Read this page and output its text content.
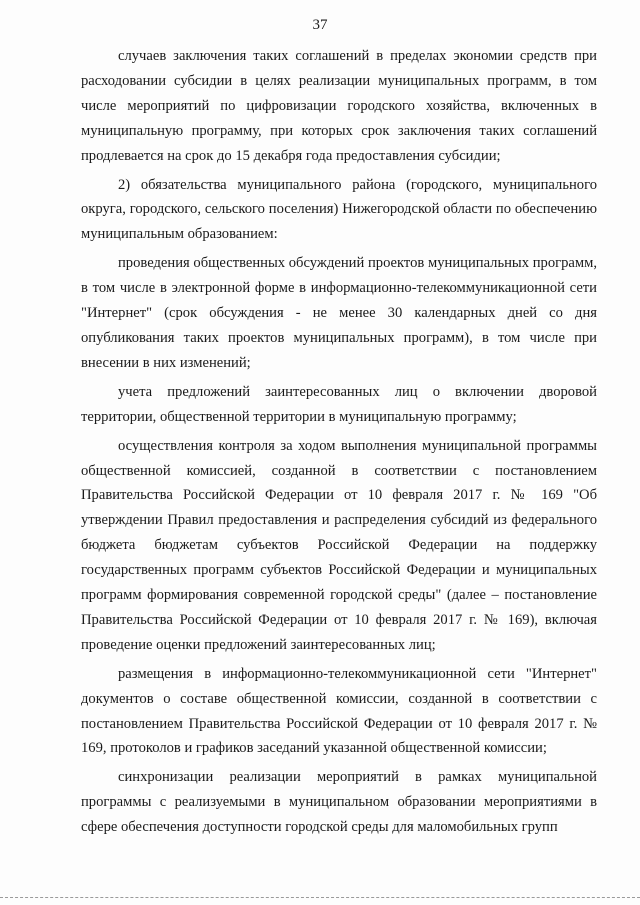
37

случаев заключения таких соглашений в пределах экономии средств при расходовании субсидии в целях реализации муниципальных программ, в том числе мероприятий по цифровизации городского хозяйства, включенных в муниципальную программу, при которых срок заключения таких соглашений продлевается на срок до 15 декабря года предоставления субсидии;

2) обязательства муниципального района (городского, муниципального округа, городского, сельского поселения) Нижегородской области по обеспечению муниципальным образованием:

проведения общественных обсуждений проектов муниципальных программ, в том числе в электронной форме в информационно-телекоммуникационной сети "Интернет" (срок обсуждения - не менее 30 календарных дней со дня опубликования таких проектов муниципальных программ), в том числе при внесении в них изменений;

учета предложений заинтересованных лиц о включении дворовой территории, общественной территории в муниципальную программу;

осуществления контроля за ходом выполнения муниципальной программы общественной комиссией, созданной в соответствии с постановлением Правительства Российской Федерации от 10 февраля 2017 г. № 169 "Об утверждении Правил предоставления и распределения субсидий из федерального бюджета бюджетам субъектов Российской Федерации на поддержку государственных программ субъектов Российской Федерации и муниципальных программ формирования современной городской среды" (далее – постановление Правительства Российской Федерации от 10 февраля 2017 г. № 169), включая проведение оценки предложений заинтересованных лиц;

размещения в информационно-телекоммуникационной сети "Интернет" документов о составе общественной комиссии, созданной в соответствии с постановлением Правительства Российской Федерации от 10 февраля 2017 г. № 169, протоколов и графиков заседаний указанной общественной комиссии;

синхронизации реализации мероприятий в рамках муниципальной программы с реализуемыми в муниципальном образовании мероприятиями в сфере обеспечения доступности городской среды для маломобильных групп
